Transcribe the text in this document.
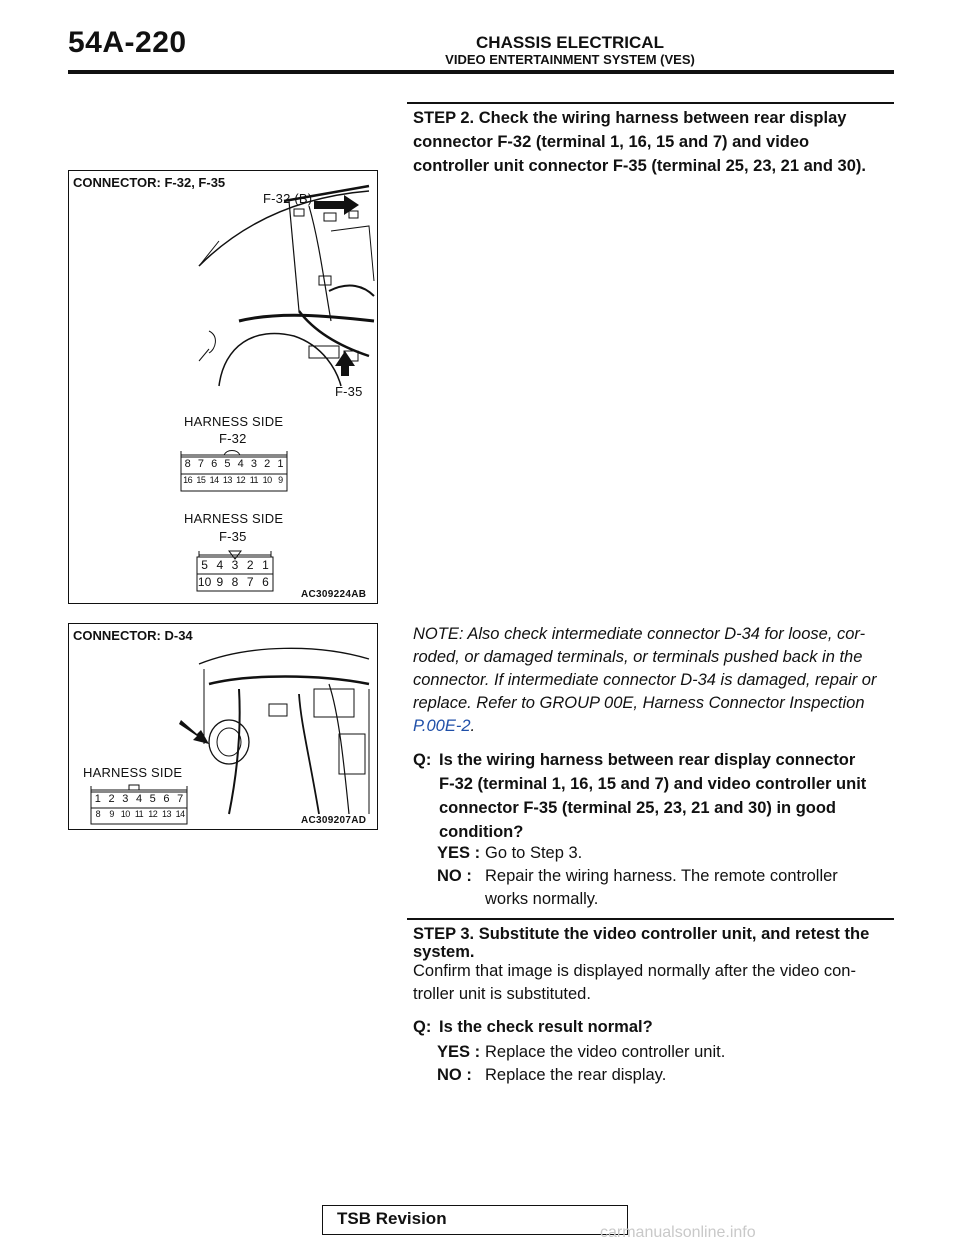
54A-220	CHASSIS ELECTRICAL
VIDEO ENTERTAINMENT SYSTEM (VES)
CONNECTOR: F-32, F-35
F-32 (B)
F-35
HARNESS SIDE
F-32
8 7 6 5 4 3 2 1
16 15 14 13 12 11 10 9
HARNESS SIDE
F-35
5 4 3 2 1
10 9 8 7 6
AC309224AB
CONNECTOR: D-34
HARNESS SIDE
1 2 3 4 5 6 7
8	9 10 11 12 13 14
AC309207AD
STEP 2. Check the wiring harness between rear display
connector F-32 (terminal 1, 16, 15 and 7) and video
controller unit connector F-35 (terminal 25, 23, 21 and 30).
NOTE: Also check intermediate connector D-34 for loose, cor-
roded, or damaged terminals, or terminals pushed back in the
connector. If intermediate connector D-34 is damaged, repair or
replace. Refer to GROUP 00E, Harness Connector Inspection
P.00E-2.
Q: Is the wiring harness between rear display connector
F-32 (terminal 1, 16, 15 and 7) and video controller unit
connector F-35 (terminal 25, 23, 21 and 30) in good
condition?
YES : Go to Step 3.
NO : Repair the wiring harness. The remote controller
works normally.
STEP 3. Substitute the video controller unit, and retest the
system.
Confirm that image is displayed normally after the video con-
troller unit is substituted.
Q: Is the check result normal?
YES : Replace the video controller unit.
NO : Replace the rear display.
TSB Revision
carmanualsonline.info
